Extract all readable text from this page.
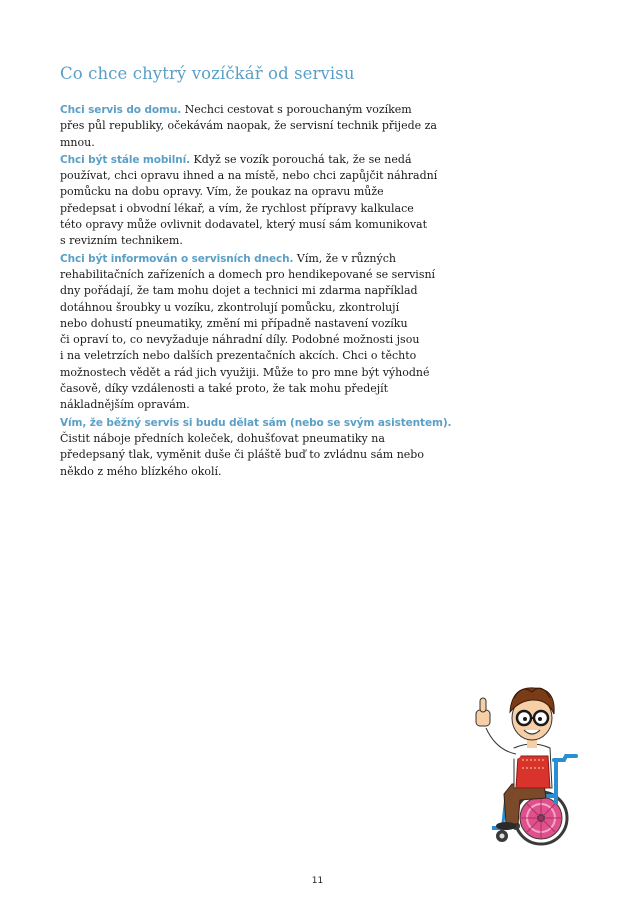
Co chce chytrý vozíčkář od servisu

Chci servis do domu. Nechci cestovat s porouchaným vozíkem
přes půl republiky, očekávám naopak, že servisní technik přijede za
mnou.

Chci být stále mobilní. Když se vozík porouchá tak, že se nedá
používat, chci opravu ihned a na místě, nebo chci zapůjčit náhradní
pomůcku na dobu opravy. Vím, že poukaz na opravu může
předepsat i obvodní lékař, a vím, že rychlost přípravy kalkulace
této opravy může ovlivnit dodavatel, který musí sám komunikovat
s revizním technikem.

Chci být informován o servisních dnech. Vím, že v různých
rehabilitačních zařízeních a domech pro hendikepované se servisní
dny pořádají, že tam mohu dojet a technici mi zdarma například
dotáhnou šroubky u vozíku, zkontrolují pomůcku, zkontrolují
nebo dohustí pneumatiky, změní mi případně nastavení vozíku
či opraví to, co nevyžaduje náhradní díly. Podobné možnosti jsou
i na veletrzích nebo dalších prezentačních akcích. Chci o těchto
možnostech vědět a rád jich využiji. Může to pro mne být výhodné
časově, díky vzdálenosti a také proto, že tak mohu předejít
nákladnějším opravám.

Vím, že běžný servis si budu dělat sám (nebo se svým asistentem).
Čistit náboje předních koleček, dohušťovat pneumatiky na
předepsaný tlak, vyměnit duše či pláště buď to zvládnu sám nebo
někdo z mého blízkého okolí.

11
